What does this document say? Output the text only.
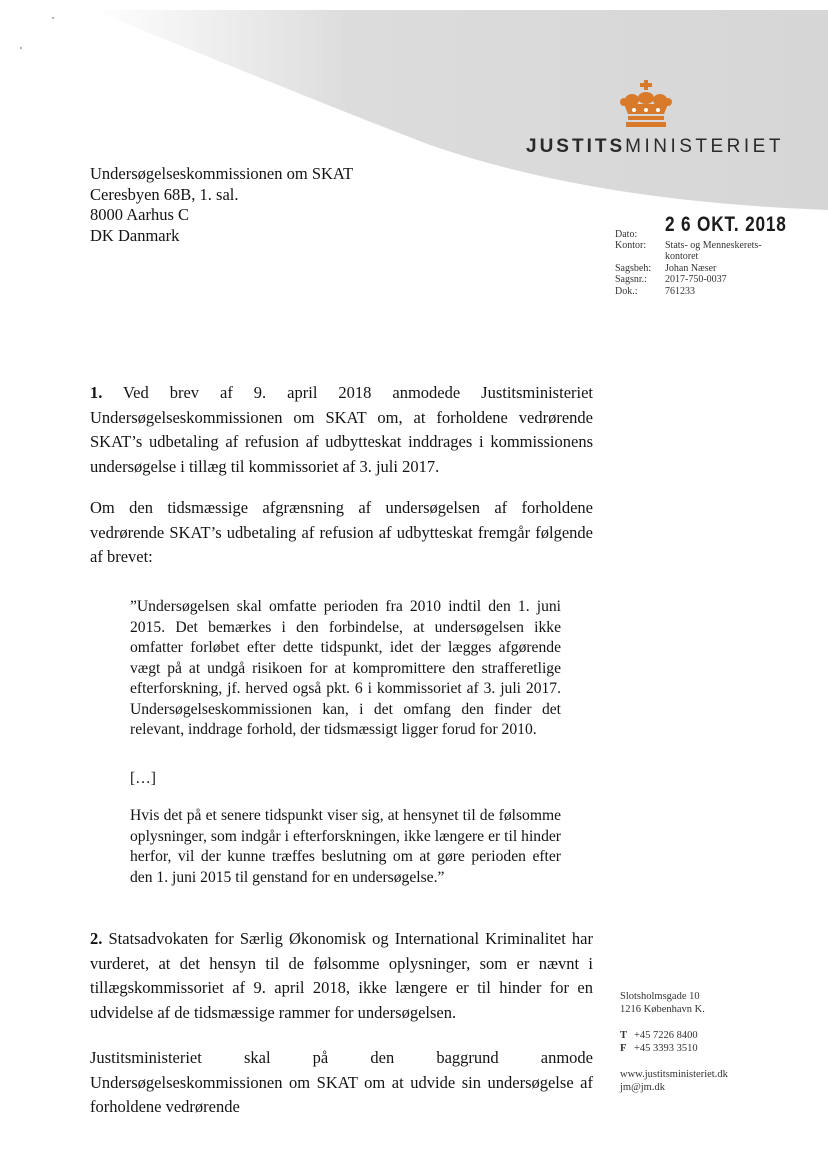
JUSTITSMINISTERIET
Undersøgelseskommissionen om SKAT
Ceresbyen 68B, 1. sal.
8000 Aarhus C
DK Danmark	Dato:	2 6 OKT. 2018
Kontor:	Stats- og Menneskerets-
kontoret
Sagsbeh:	Johan Næser
Sagsnr.:	2017-750-0037
Dok.:	761233
1. Ved brev af 9. april 2018 anmodede Justitsministeriet Undersøgelseskommissionen om SKAT om, at forholdene vedrørende SKAT’s udbetaling af refusion af udbytteskat inddrages i kommissionens undersøgelse i tillæg til kommissoriet af 3. juli 2017.
Om den tidsmæssige afgrænsning af undersøgelsen af forholdene vedrørende SKAT’s udbetaling af refusion af udbytteskat fremgår følgende af brevet:
”Undersøgelsen skal omfatte perioden fra 2010 indtil den 1. juni 2015. Det bemærkes i den forbindelse, at undersøgelsen ikke omfatter forløbet efter dette tidspunkt, idet der lægges afgørende vægt på at undgå risikoen for at kompromittere den strafferetlige efterforskning, jf. herved også pkt. 6 i kommissoriet af 3. juli 2017. Undersøgelseskommissionen kan, i det omfang den finder det relevant, inddrage forhold, der tidsmæssigt ligger forud for 2010.
[…]
Hvis det på et senere tidspunkt viser sig, at hensynet til de følsomme oplysninger, som indgår i efterforskningen, ikke længere er til hinder herfor, vil der kunne træffes beslutning om at gøre perioden efter den 1. juni 2015 til genstand for en undersøgelse.”
2. Statsadvokaten for Særlig Økonomisk og International Kriminalitet har vurderet, at det hensyn til de følsomme oplysninger, som er nævnt i tillægskommissoriet af 9. april 2018, ikke længere er til hinder for en udvidelse af de tidsmæssige rammer for undersøgelsen.
Justitsministeriet skal på den baggrund anmode Undersøgelseskommissionen om SKAT om at udvide sin undersøgelse af forholdene vedrørende
Slotsholmsgade 10
1216 København K.
T +45 7226 8400
F +45 3393 3510
www.justitsministeriet.dk
jm@jm.dk
